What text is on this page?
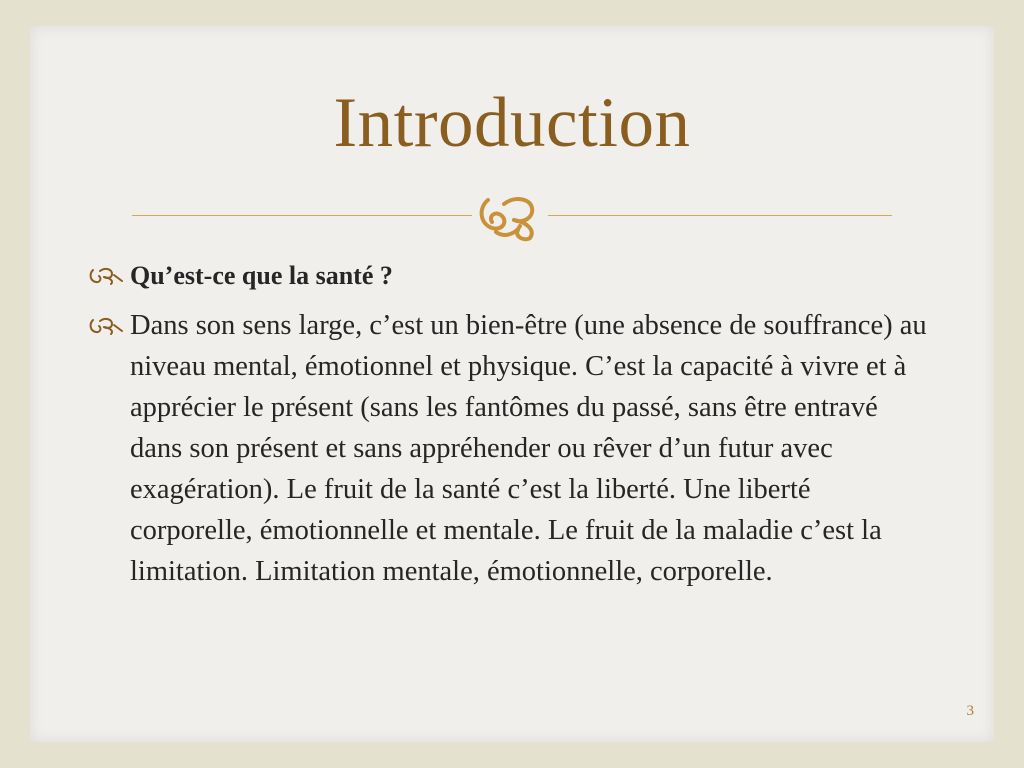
Introduction
Qu’est-ce que la santé ?
Dans son sens large, c’est un bien-être (une absence de souffrance) au niveau mental, émotionnel et physique. C’est la capacité à vivre et à apprécier le présent (sans les fantômes du passé, sans être entravé dans son présent et sans appréhender ou rêver d’un futur avec exagération). Le fruit de la santé c’est la liberté. Une liberté corporelle, émotionnelle et mentale. Le fruit de la maladie c’est la limitation. Limitation mentale, émotionnelle, corporelle.
3
